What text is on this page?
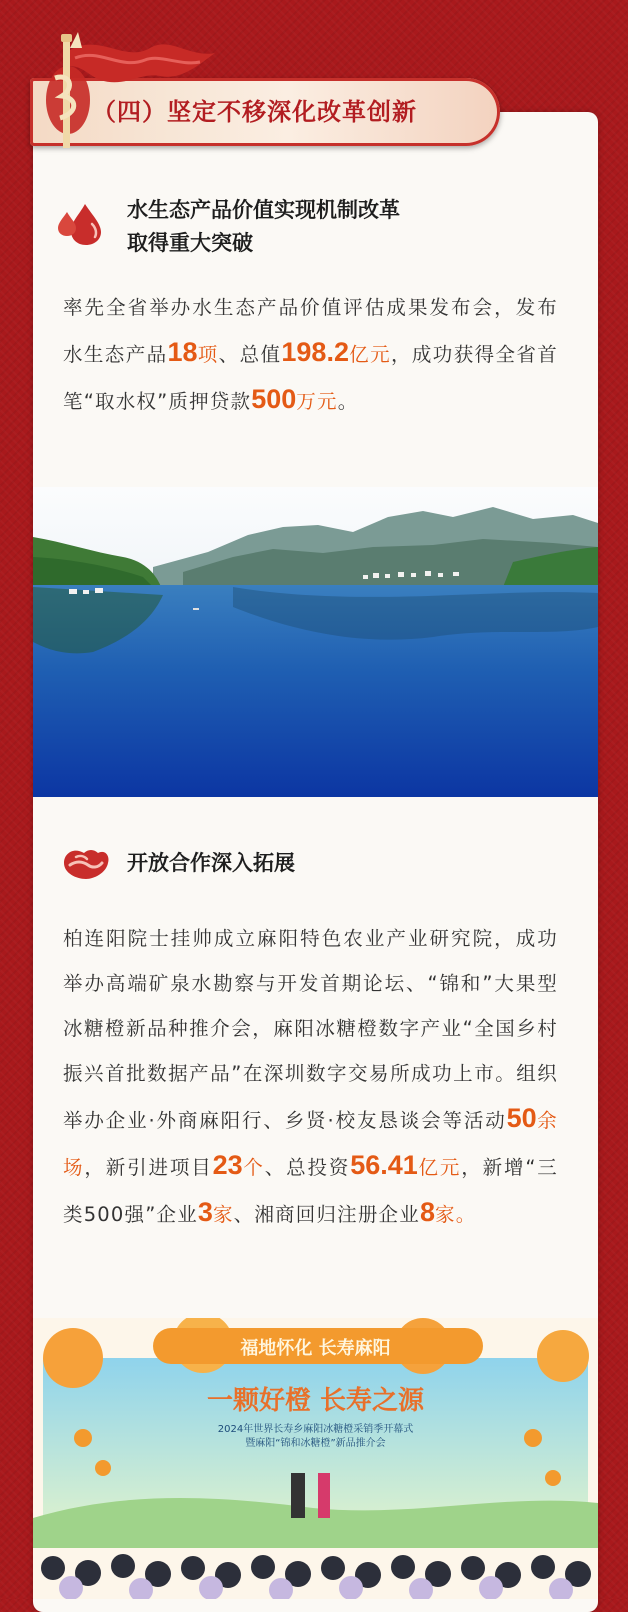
（四）坚定不移深化改革创新
水生态产品价值实现机制改革
取得重大突破
率先全省举办水生态产品价值评估成果发布会，发布水生态产品18项、总值198.2亿元，成功获得全省首笔“取水权”质押贷款500万元。
开放合作深入拓展
柏连阳院士挂帅成立麻阳特色农业产业研究院，成功举办高端矿泉水勘察与开发首期论坛、“锦和”大果型冰糖橙新品种推介会，麻阳冰糖橙数字产业“全国乡村振兴首批数据产品”在深圳数字交易所成功上市。组织举办企业·外商麻阳行、乡贤·校友恳谈会等活动50余场，新引进项目23个、总投资56.41亿元，新增“三类500强”企业3家、湘商回归注册企业8家。
福地怀化 长寿麻阳
一颗好橙 长寿之源
2024年世界长寿乡麻阳冰糖橙采销季开幕式
暨麻阳“锦和冰糖橙”新品推介会
